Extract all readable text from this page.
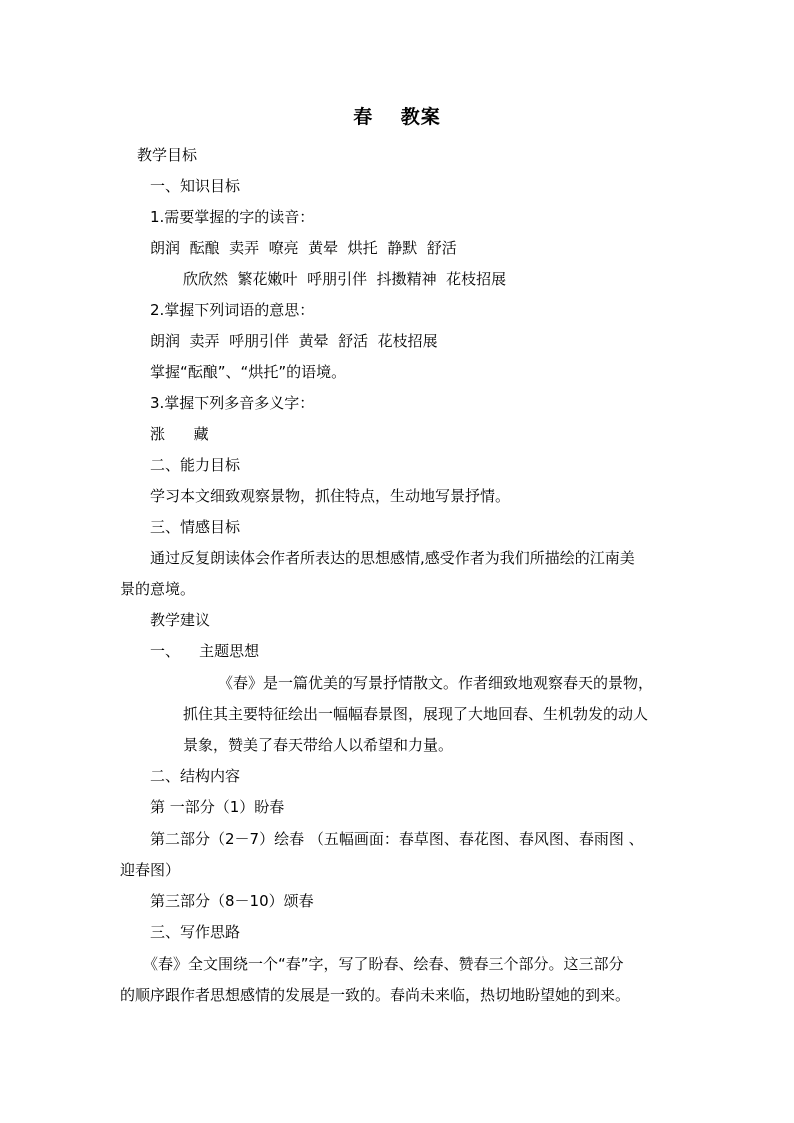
春　 教案
教学目标
一、知识目标
1.需要掌握的字的读音：
朗润  酝酿  卖弄  嘹亮  黄晕  烘托  静默  舒活
欣欣然  繁花嫩叶  呼朋引伴  抖擞精神  花枝招展
2.掌握下列词语的意思：
朗润  卖弄  呼朋引伴  黄晕  舒活  花枝招展
掌握“酝酿”、“烘托”的语境。
3.掌握下列多音多义字：
涨      藏
二、能力目标
学习本文细致观察景物，抓住特点，生动地写景抒情。
三、情感目标
通过反复朗读体会作者所表达的思想感情,感受作者为我们所描绘的江南美
景的意境。
教学建议
一、    主题思想
《春》是一篇优美的写景抒情散文。作者细致地观察春天的景物，
抓住其主要特征绘出一幅幅春景图，展现了大地回春、生机勃发的动人
景象，赞美了春天带给人以希望和力量。
二、结构内容
第 一部分（1）盼春
第二部分（2－7）绘春 （五幅画面：春草图、春花图、春风图、春雨图 、
迎春图）
第三部分（8－10）颂春
三、写作思路
《春》全文围绕一个“春”字，写了盼春、绘春、赞春三个部分。这三部分
的顺序跟作者思想感情的发展是一致的。春尚未来临，热切地盼望她的到来。
